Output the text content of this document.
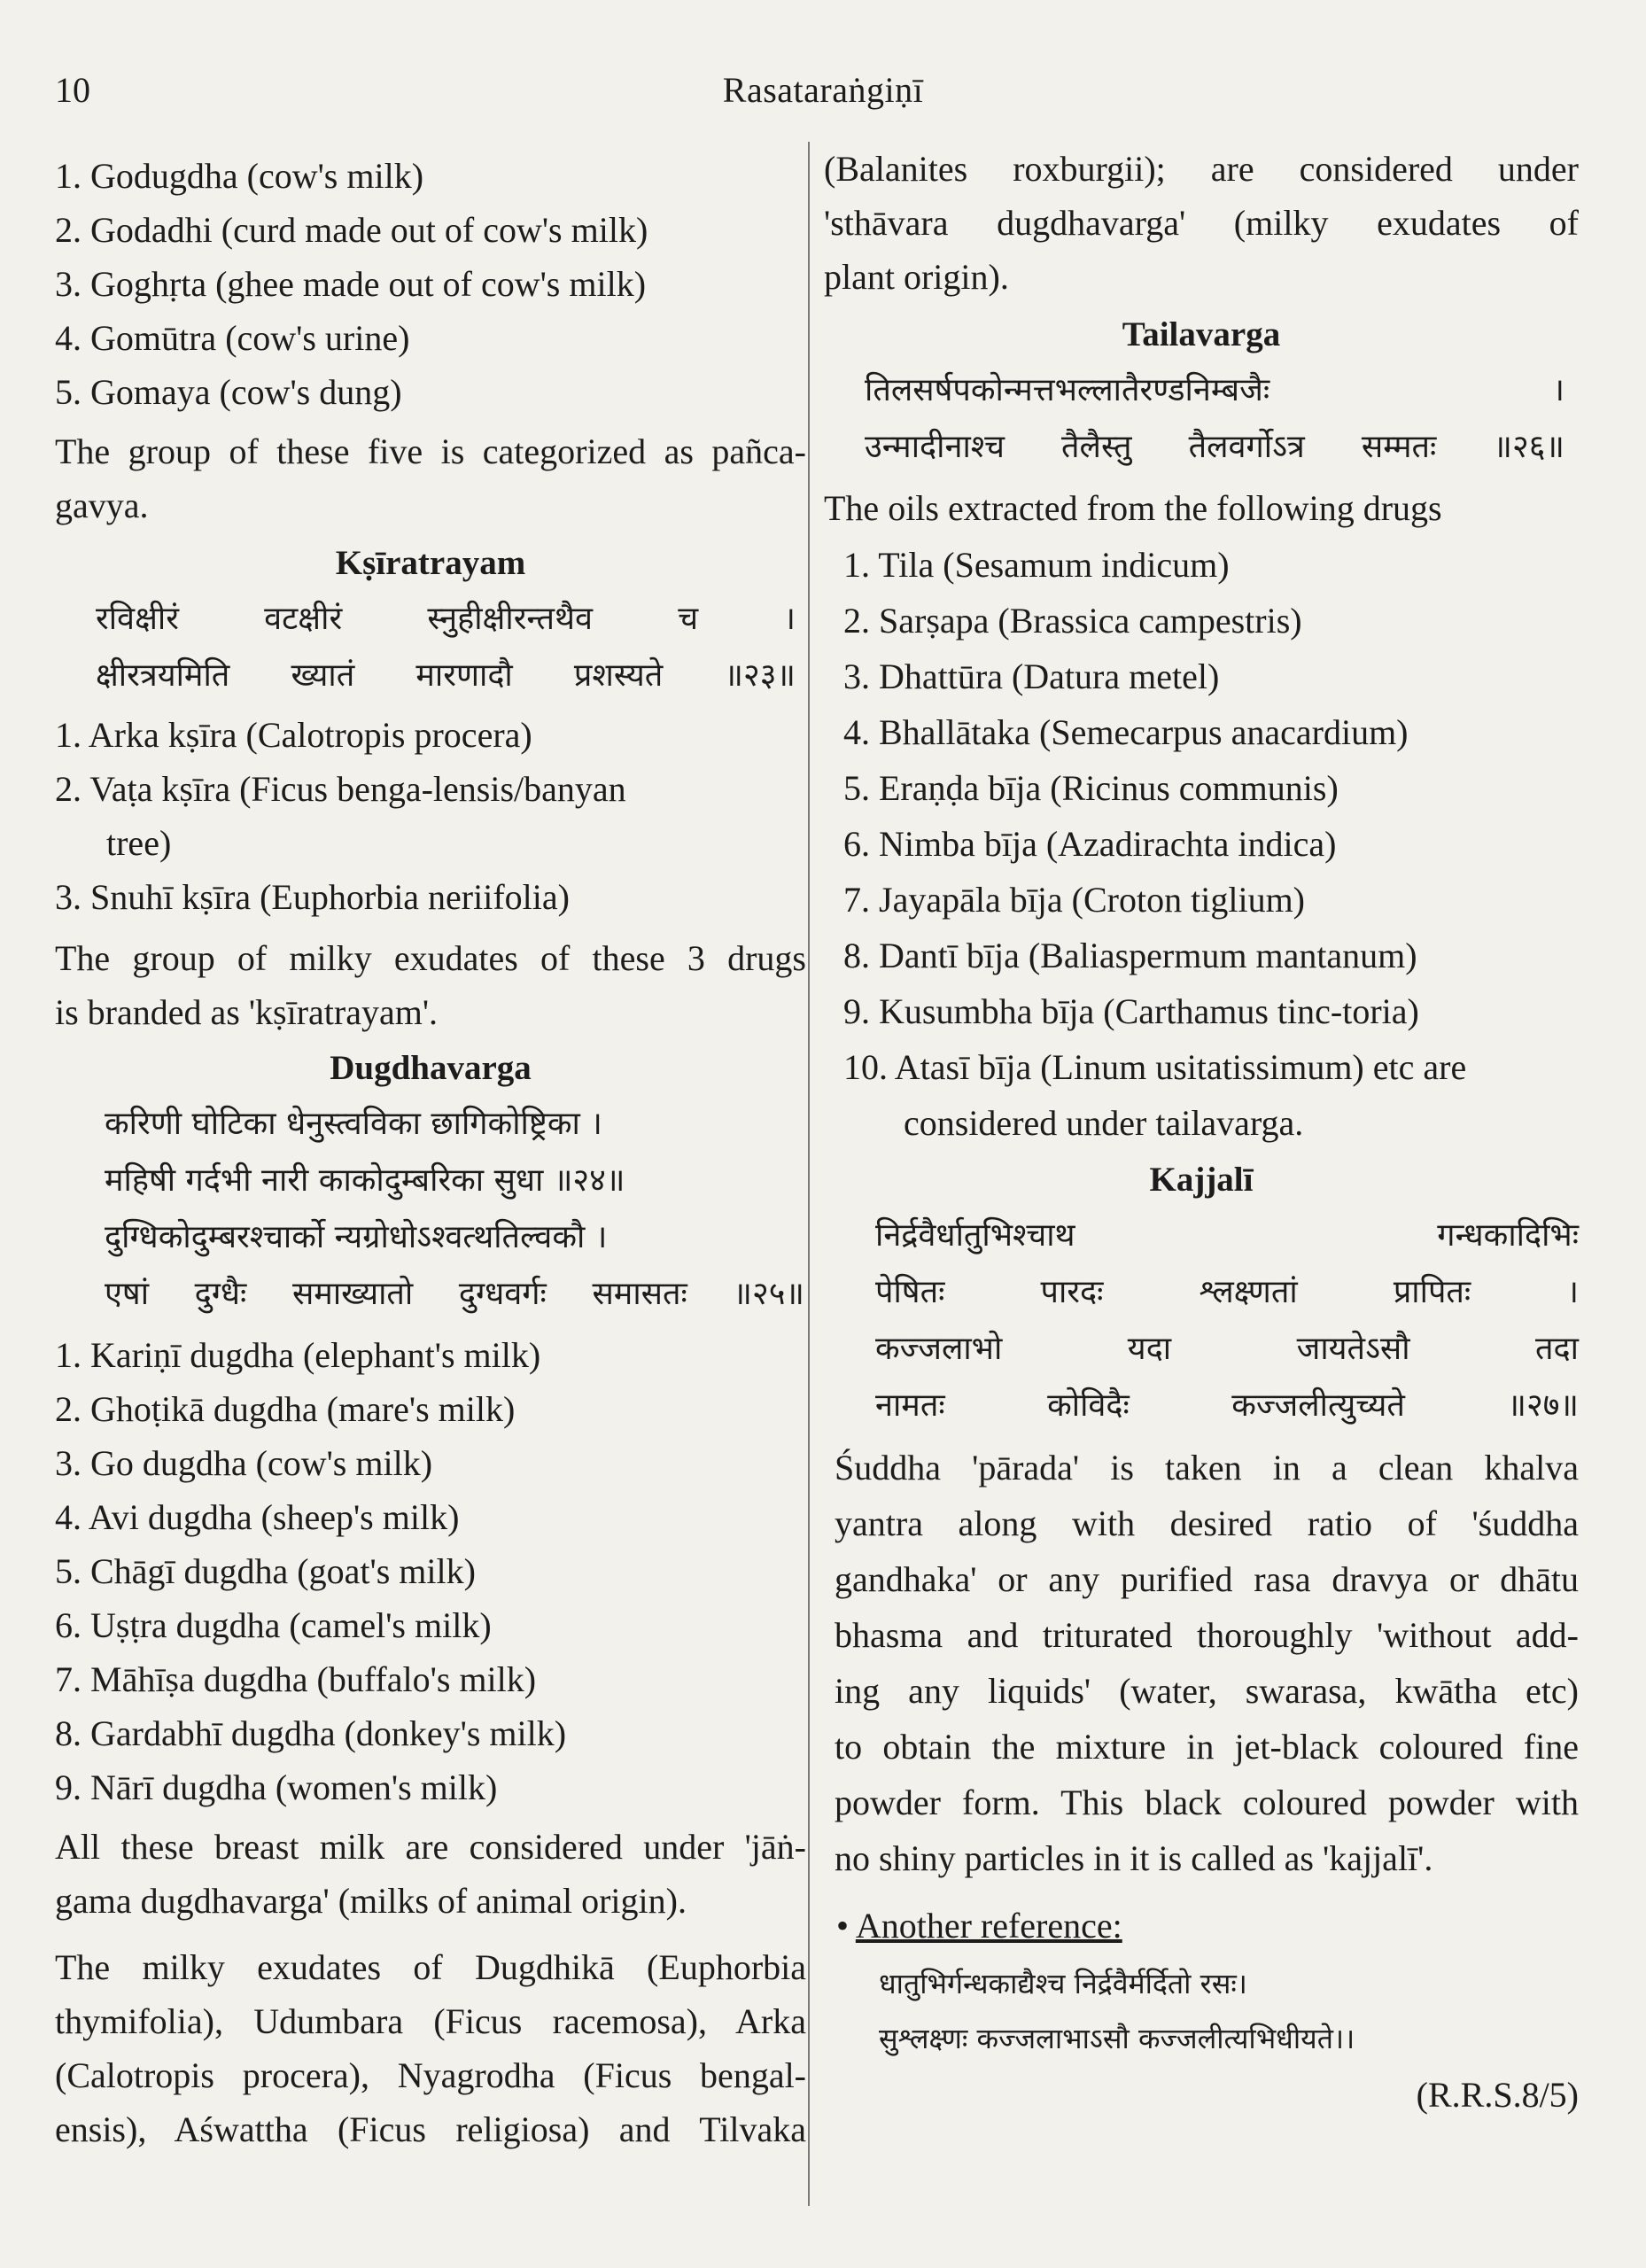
10	Rasataraṅgiṇī
1. Godugdha (cow's milk)
2. Godadhi (curd made out of cow's milk)
3. Goghṛta (ghee made out of cow's milk)
4. Gomūtra (cow's urine)
5. Gomaya (cow's dung)
The group of these five is categorized as pañca-
gavya.
Kṣīratrayam
रविक्षीरं वटक्षीरं स्नुहीक्षीरन्तथैव च ।
क्षीरत्रयमिति ख्यातं मारणादौ प्रशस्यते ॥२३॥
1. Arka kṣīra (Calotropis procera)
2. Vaṭa kṣīra (Ficus benga-lensis/banyan
tree)
3. Snuhī kṣīra (Euphorbia neriifolia)
The group of milky exudates of these 3 drugs
is branded as 'kṣīratrayam'.
Dugdhavarga
करिणी घोटिका धेनुस्त्वविका छागिकोष्ट्रिका ।
महिषी गर्दभी नारी काकोदुम्बरिका सुधा ॥२४॥
दुग्धिकोदुम्बरश्चार्को न्यग्रोधोऽश्वत्थतिल्वकौ ।
एषां दुग्धैः समाख्यातो दुग्धवर्गः समासतः ॥२५॥
1. Kariṇī dugdha (elephant's milk)
2. Ghoṭikā dugdha (mare's milk)
3. Go dugdha (cow's milk)
4. Avi dugdha (sheep's milk)
5. Chāgī dugdha (goat's milk)
6. Uṣṭra dugdha (camel's milk)
7. Māhīṣa dugdha (buffalo's milk)
8. Gardabhī dugdha (donkey's milk)
9. Nārī dugdha (women's milk)
All these breast milk are considered under 'jāṅ-
gama dugdhavarga' (milks of animal origin).
The milky exudates of Dugdhikā (Euphorbia
thymifolia), Udumbara (Ficus racemosa), Arka
(Calotropis procera), Nyagrodha (Ficus bengal-
ensis), Aśwattha (Ficus religiosa) and Tilvaka
(Balanites roxburgii); are considered under
'sthāvara dugdhavarga' (milky exudates of
plant origin).
Tailavarga
तिलसर्षपकोन्मत्तभल्लातैरण्डनिम्बजैः ।
उन्मादीनाश्च तैलैस्तु तैलवर्गोऽत्र सम्मतः ॥२६॥
The oils extracted from the following drugs
1. Tila (Sesamum indicum)
2. Sarṣapa (Brassica campestris)
3. Dhattūra (Datura metel)
4. Bhallātaka (Semecarpus anacardium)
5. Eraṇḍa bīja (Ricinus communis)
6. Nimba bīja (Azadirachta indica)
7. Jayapāla bīja (Croton tiglium)
8. Dantī bīja (Baliaspermum mantanum)
9. Kusumbha bīja (Carthamus tinc-toria)
10. Atasī bīja (Linum usitatissimum) etc are
considered under tailavarga.
Kajjalī
निर्द्रवैर्धातुभिश्चाथ गन्धकादिभिः
पेषितः पारदः श्लक्ष्णतां प्रापितः ।
कज्जलाभो यदा जायतेऽसौ तदा
नामतः कोविदैः कज्जलीत्युच्यते ॥२७॥
Śuddha 'pārada' is taken in a clean khalva
yantra along with desired ratio of 'śuddha
gandhaka' or any purified rasa dravya or dhātu
bhasma and triturated thoroughly 'without add-
ing any liquids' (water, swarasa, kwātha etc)
to obtain the mixture in jet-black coloured fine
powder form. This black coloured powder with
no shiny particles in it is called as 'kajjalī'.
• Another reference:
धातुभिर्गन्धकाद्यैश्च निर्द्रवैर्मर्दितो रसः।
सुश्लक्ष्णः कज्जलाभाऽसौ कज्जलीत्यभिधीयते।।
(R.R.S.8/5)
